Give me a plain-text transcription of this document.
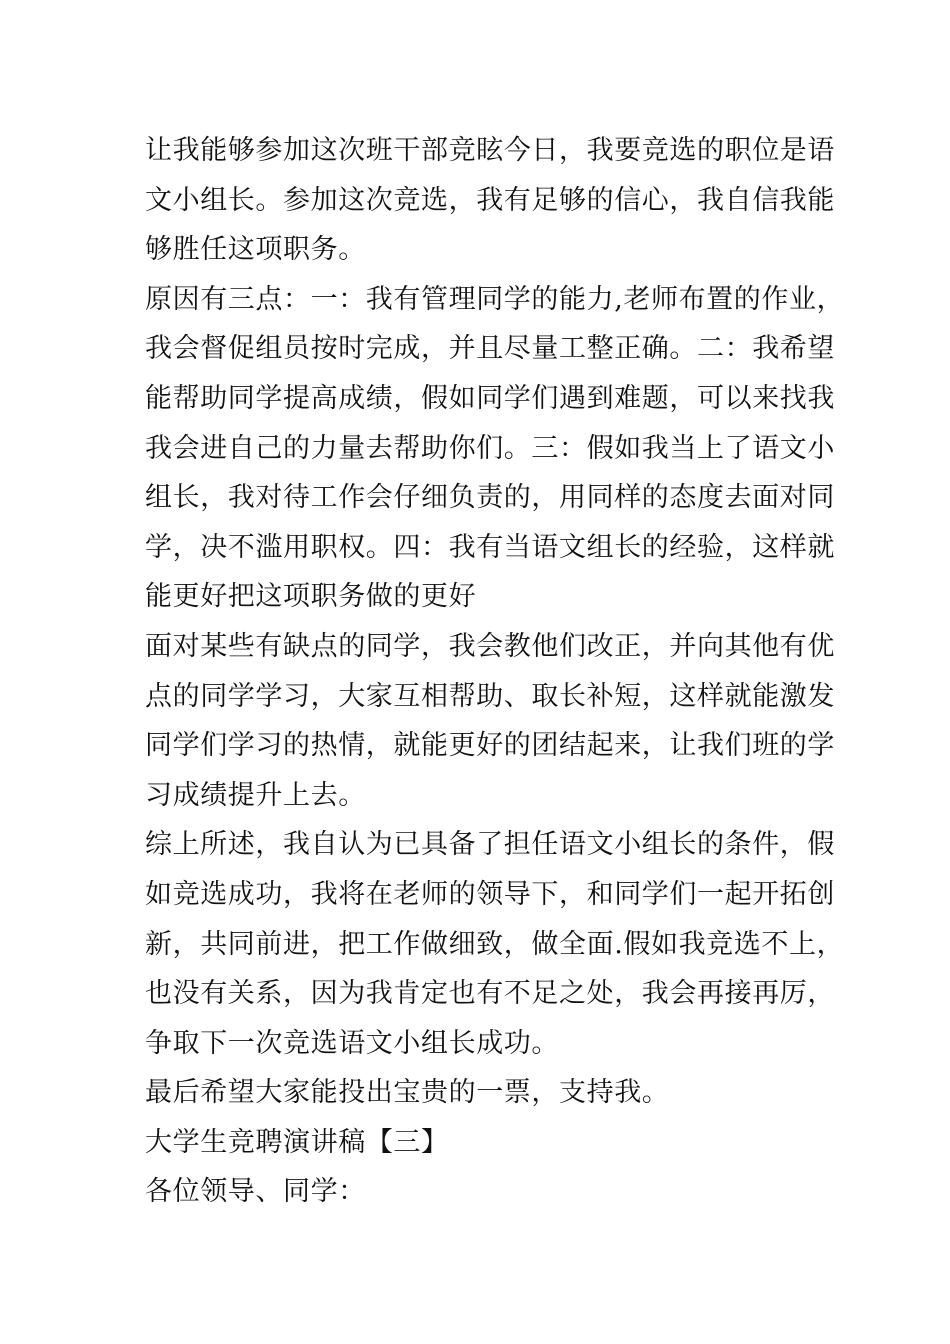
让我能够参加这次班干部竞眩今日，我要竞选的职位是语
文小组长。参加这次竞选，我有足够的信心，我自信我能
够胜任这项职务。
原因有三点：一：我有管理同学的能力,老师布置的作业，
我会督促组员按时完成，并且尽量工整正确。二：我希望
能帮助同学提高成绩，假如同学们遇到难题，可以来找我
我会进自己的力量去帮助你们。三：假如我当上了语文小
组长，我对待工作会仔细负责的，用同样的态度去面对同
学，决不滥用职权。四：我有当语文组长的经验，这样就
能更好把这项职务做的更好
面对某些有缺点的同学，我会教他们改正，并向其他有优
点的同学学习，大家互相帮助、取长补短，这样就能激发
同学们学习的热情，就能更好的团结起来，让我们班的学
习成绩提升上去。
综上所述，我自认为已具备了担任语文小组长的条件，假
如竞选成功，我将在老师的领导下，和同学们一起开拓创
新，共同前进，把工作做细致，做全面.假如我竞选不上，
也没有关系，因为我肯定也有不足之处，我会再接再厉，
争取下一次竞选语文小组长成功。
最后希望大家能投出宝贵的一票，支持我。
大学生竞聘演讲稿【三】
各位领导、同学：
